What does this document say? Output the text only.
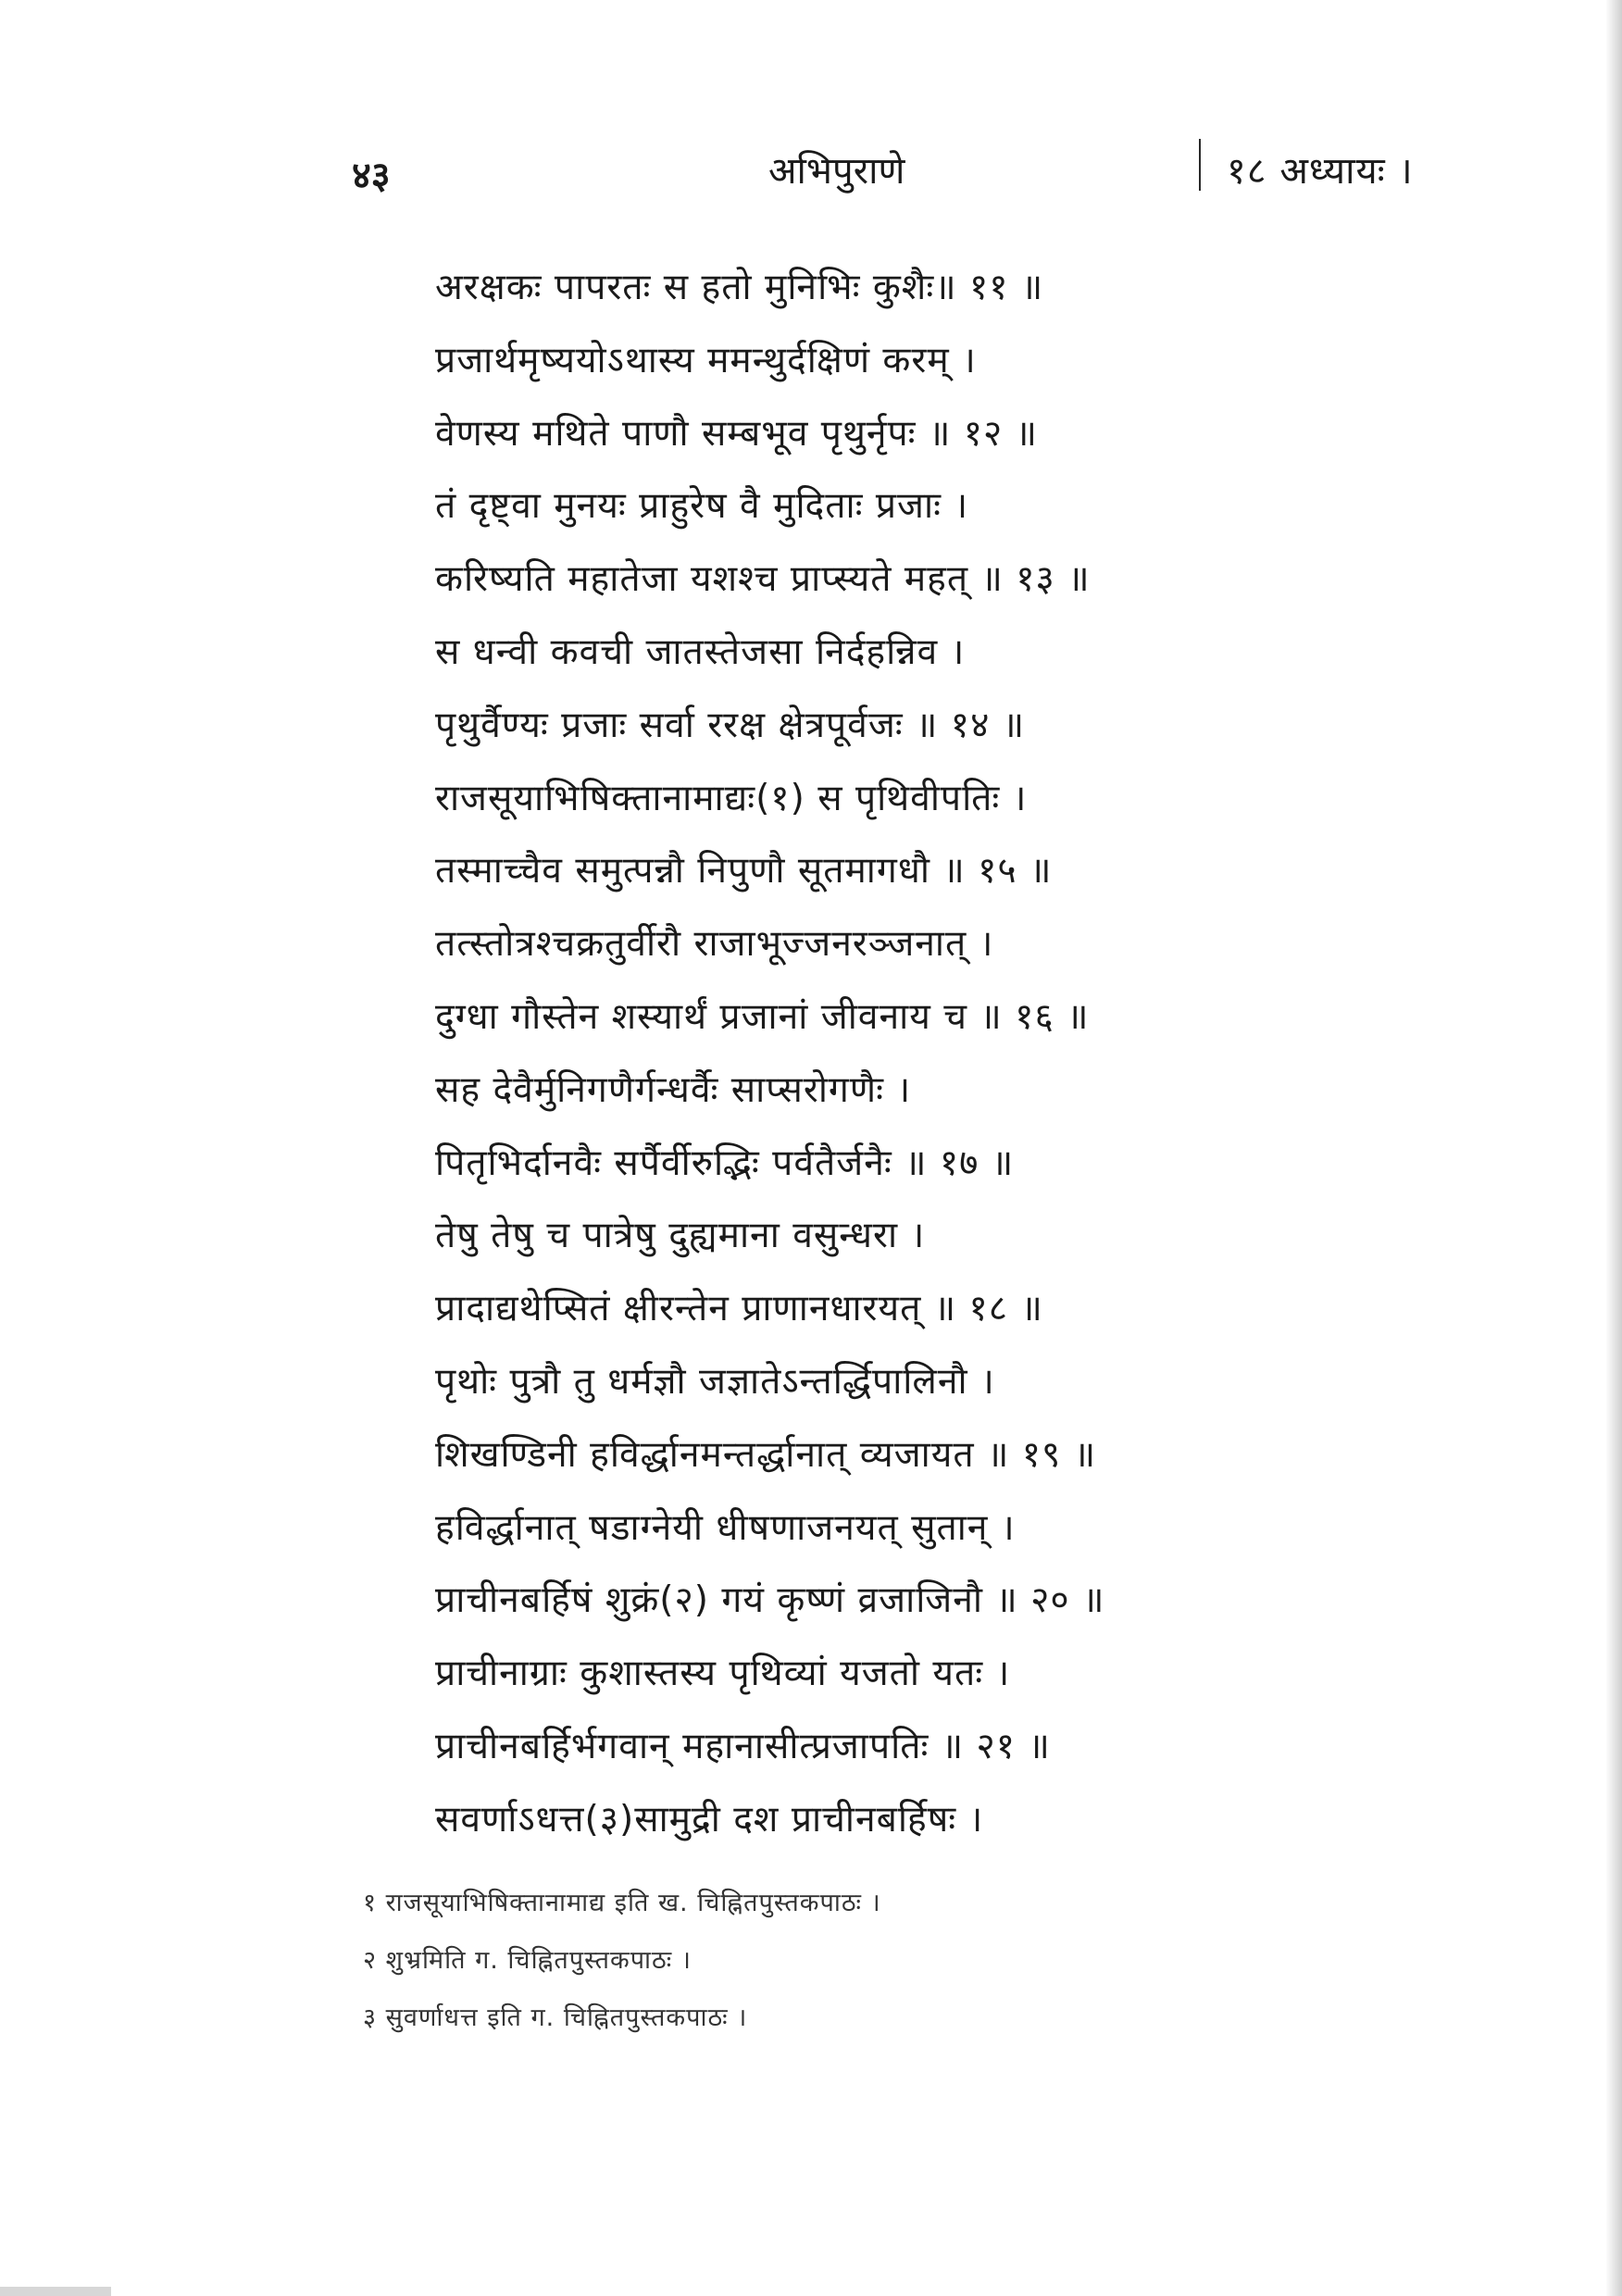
४३	अभिपुराणे	१८ अध्यायः ।
अरक्षकः पापरतः स हतो मुनिभिः कुशैः॥ ११ ॥
प्रजार्थमृष्ययोऽथास्य ममन्थुर्दक्षिणं करम् ।
वेणस्य मथिते पाणौ सम्बभूव पृथुर्नृपः ॥ १२ ॥
तं दृष्ट्वा मुनयः प्राहुरेष वै मुदिताः प्रजाः ।
करिष्यति महातेजा यशश्च प्राप्स्यते महत् ॥ १३ ॥
स धन्वी कवची जातस्तेजसा निर्दहन्निव ।
पृथुर्वैण्यः प्रजाः सर्वा ररक्ष क्षेत्रपूर्वजः ॥ १४ ॥
राजसूयाभिषिक्तानामाद्यः(१) स पृथिवीपतिः ।
तस्माच्चैव समुत्पन्नौ निपुणौ सूतमागधौ ॥ १५ ॥
तत्स्तोत्रश्चक्रतुर्वीरौ राजाभूज्जनरञ्जनात् ।
दुग्धा गौस्तेन शस्यार्थं प्रजानां जीवनाय च ॥ १६ ॥
सह देवैर्मुनिगणैर्गन्धर्वैः साप्सरोगणैः ।
पितृभिर्दानवैः सर्पैर्वीरुद्भिः पर्वतैर्जनैः ॥ १७ ॥
तेषु तेषु च पात्रेषु दुह्यमाना वसुन्धरा ।
प्रादाद्यथेप्सितं क्षीरन्तेन प्राणानधारयत् ॥ १८ ॥
पृथोः पुत्रौ तु धर्मज्ञौ जज्ञातेऽन्तर्द्धिपालिनौ ।
शिखण्डिनी हविर्द्धानमन्तर्द्धानात् व्यजायत ॥ १९ ॥
हविर्द्धानात् षडाग्नेयी धीषणाजनयत् सुतान् ।
प्राचीनबर्हिषं शुक्रं(२) गयं कृष्णं व्रजाजिनौ ॥ २० ॥
प्राचीनाग्राः कुशास्तस्य पृथिव्यां यजतो यतः ।
प्राचीनबर्हिर्भगवान् महानासीत्प्रजापतिः ॥ २१ ॥
सवर्णाऽधत्त(३)सामुद्री दश प्राचीनबर्हिषः ।
१ राजसूयाभिषिक्तानामाद्य इति ख. चिह्नितपुस्तकपाठः ।
२ शुभ्रमिति ग. चिह्नितपुस्तकपाठः ।
३ सुवर्णाधत्त इति ग. चिह्नितपुस्तकपाठः ।
